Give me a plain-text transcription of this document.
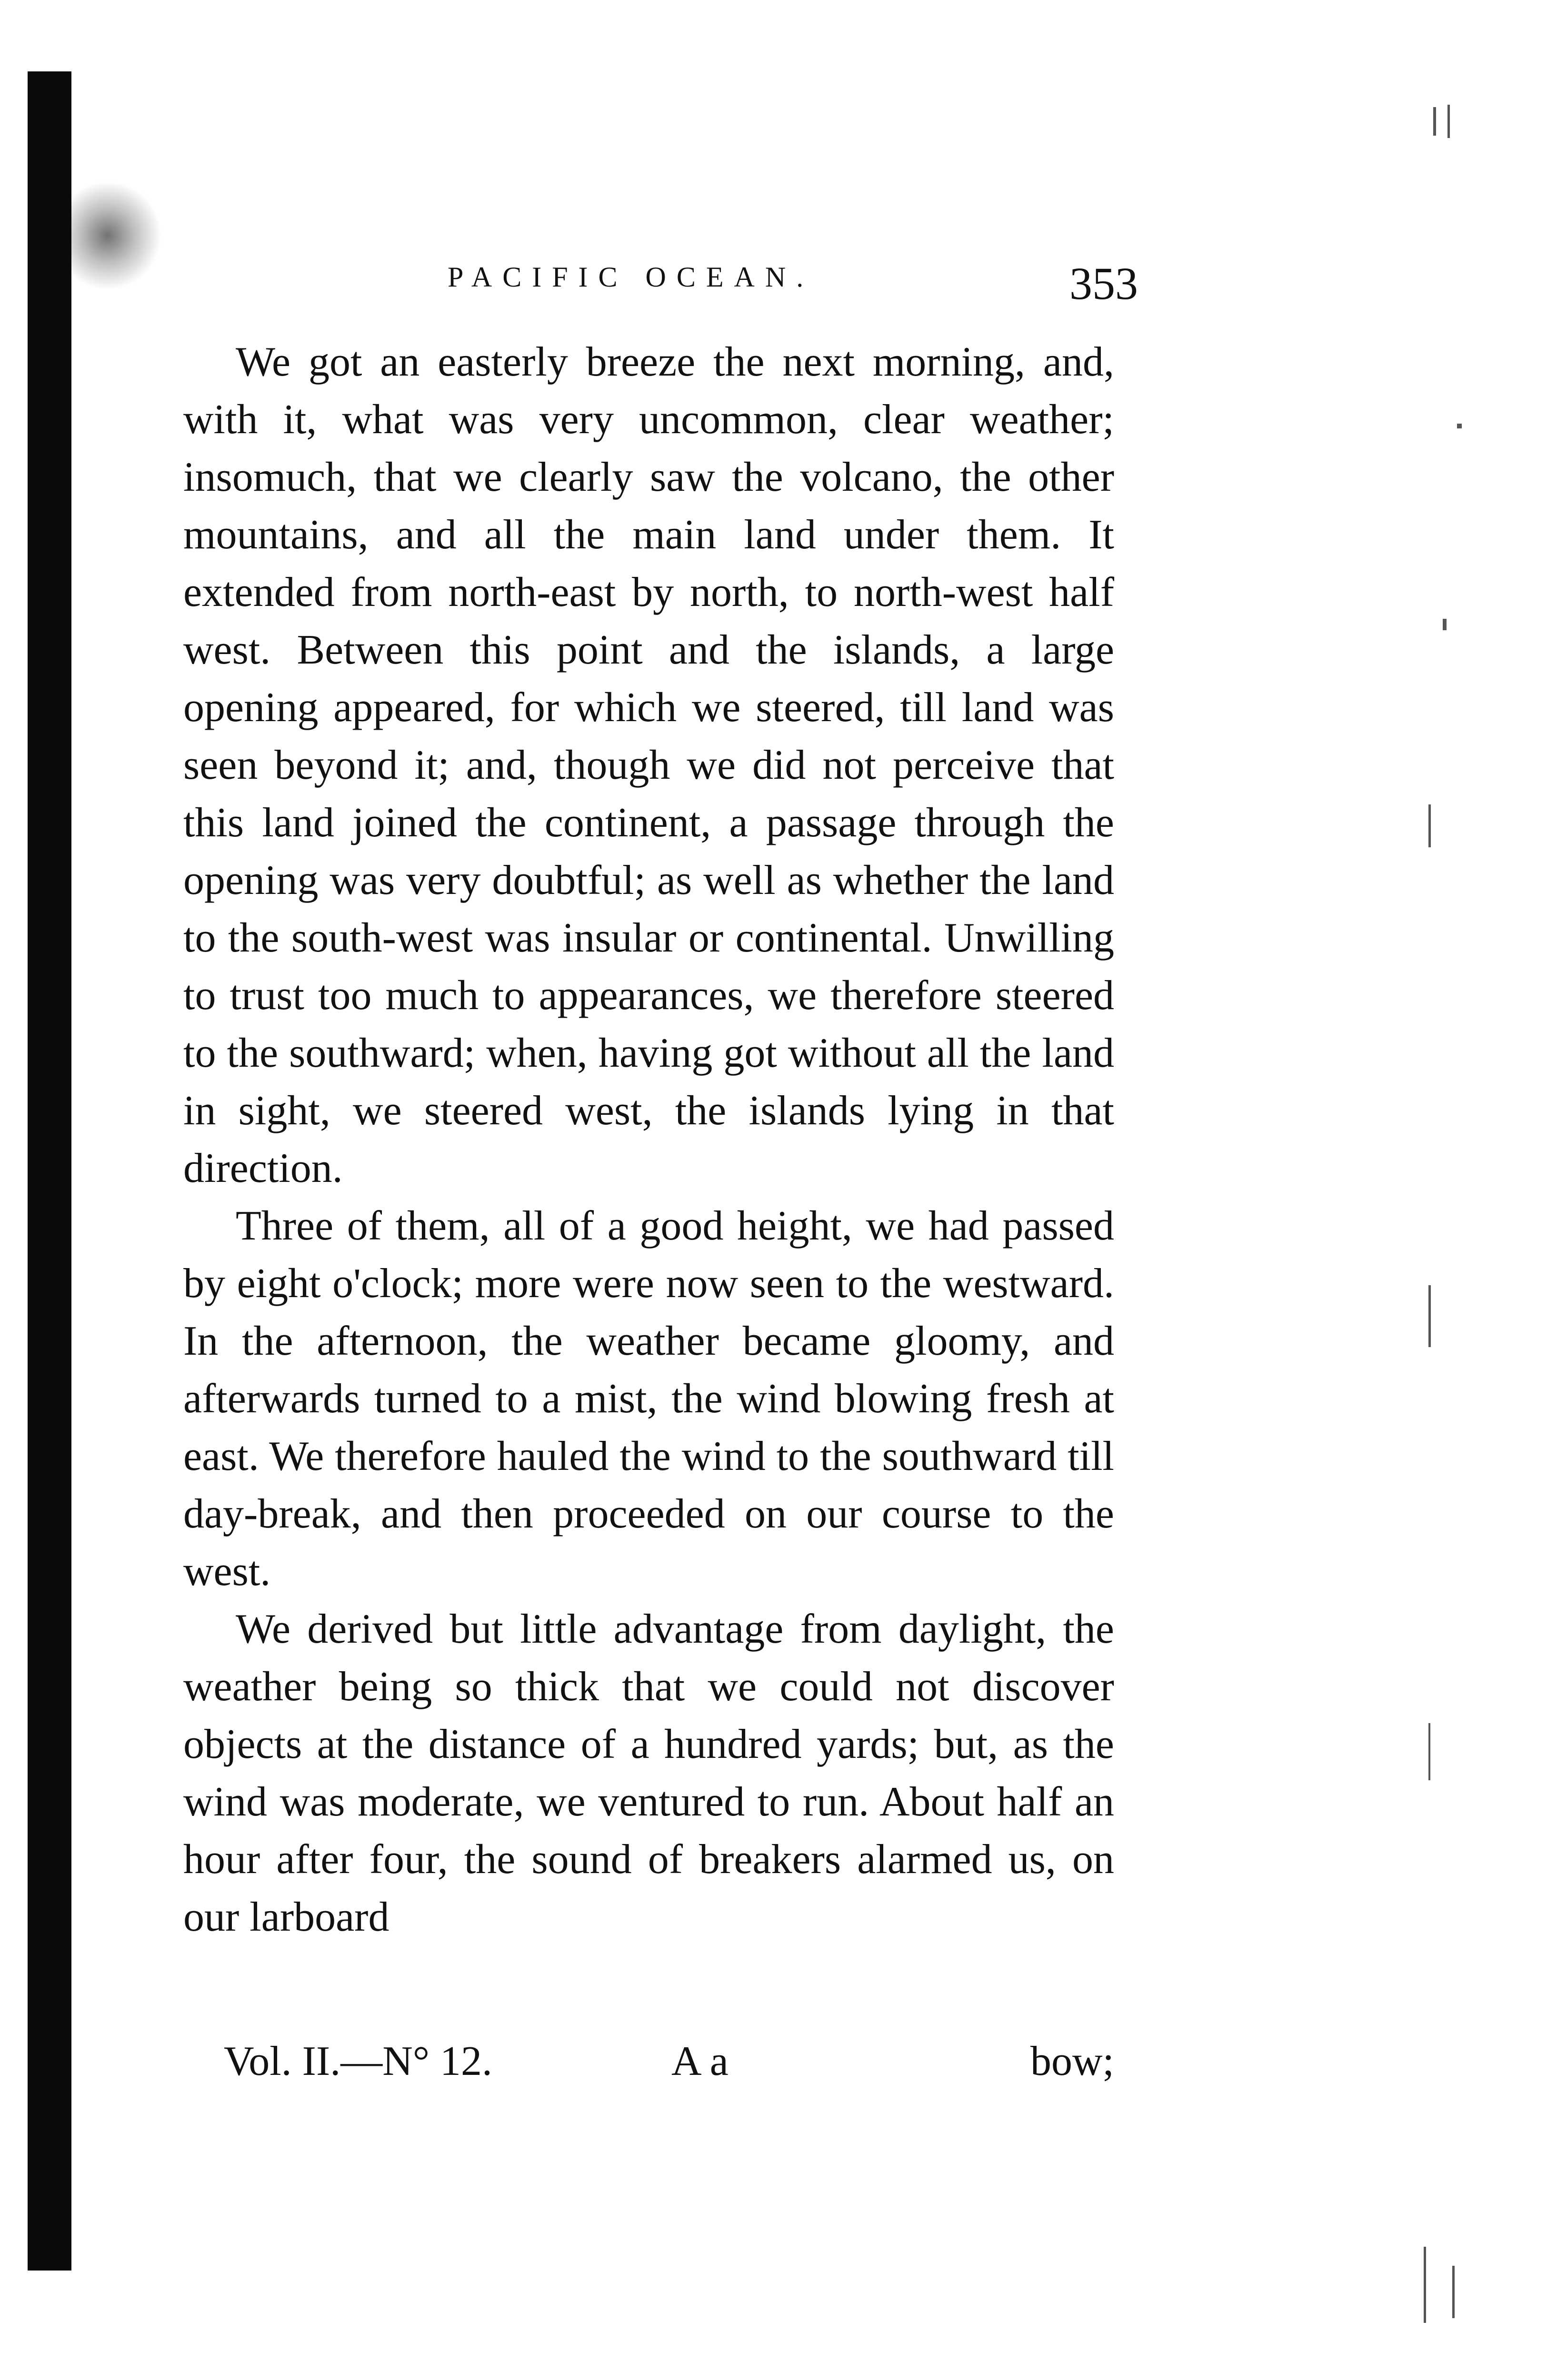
PACIFIC OCEAN.	353

We got an easterly breeze the next morning, and, with it, what was very uncommon, clear weather; insomuch, that we clearly saw the volcano, the other mountains, and all the main land under them. It extended from north-east by north, to north-west half west. Between this point and the islands, a large opening appeared, for which we steered, till land was seen beyond it; and, though we did not perceive that this land joined the continent, a passage through the opening was very doubtful; as well as whether the land to the south-west was insular or continental. Unwilling to trust too much to appearances, we therefore steered to the southward; when, having got without all the land in sight, we steered west, the islands lying in that direction.

Three of them, all of a good height, we had passed by eight o'clock; more were now seen to the westward. In the afternoon, the weather became gloomy, and afterwards turned to a mist, the wind blowing fresh at east. We therefore hauled the wind to the southward till day-break, and then proceeded on our course to the west.

We derived but little advantage from daylight, the weather being so thick that we could not discover objects at the distance of a hundred yards; but, as the wind was moderate, we ventured to run. About half an hour after four, the sound of breakers alarmed us, on our larboard

Vol. II.—N° 12.	A a	bow;
